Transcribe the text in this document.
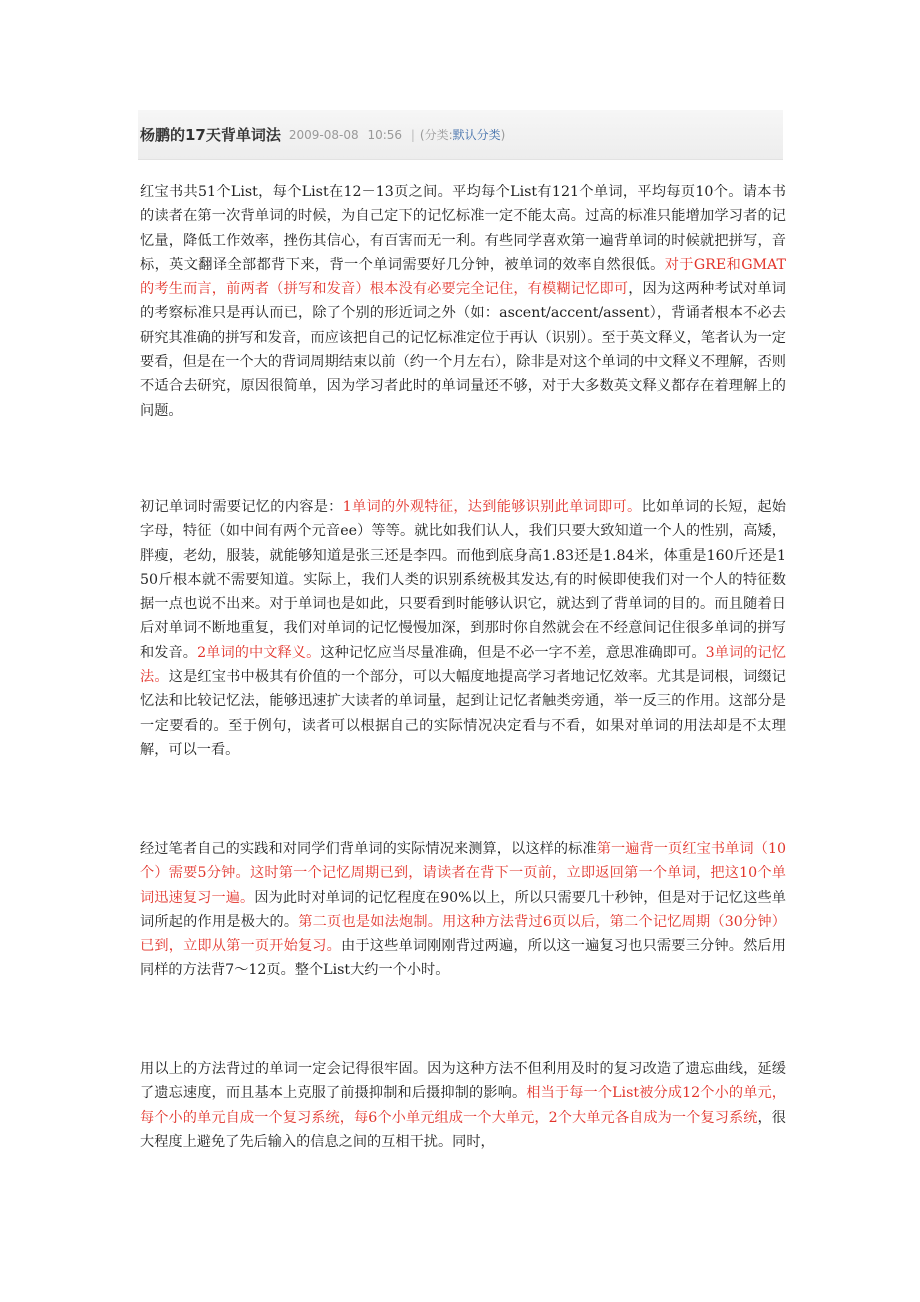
杨鹏的17天背单词法 2009-08-08 10:56 | (分类:默认分类)

红宝书共51个List，每个List在12－13页之间。平均每个List有121个单词，平均每页10个。请本书的读者在第一次背单词的时候，为自己定下的记忆标准一定不能太高。过高的标准只能增加学习者的记忆量，降低工作效率，挫伤其信心，有百害而无一利。有些同学喜欢第一遍背单词的时候就把拼写，音标，英文翻译全部都背下来，背一个单词需要好几分钟，被单词的效率自然很低。对于GRE和GMAT　的考生而言，前两者（拼写和发音）根本没有必要完全记住，有模糊记忆即可，因为这两种考试对单词的考察标准只是再认而已，除了个别的形近词之外（如：ascent/accent/assent），背诵者根本不必去研究其准确的拼写和发音，而应该把自己的记忆标准定位于再认（识别）。至于英文释义，笔者认为一定要看，但是在一个大的背词周期结束以前（约一个月左右），除非是对这个单词的中文释义不理解，否则不适合去研究，原因很简单，因为学习者此时的单词量还不够，对于大多数英文释义都存在着理解上的问题。

初记单词时需要记忆的内容是：1单词的外观特征，达到能够识别此单词即可。比如单词的长短，起始字母，特征（如中间有两个元音ee）等等。就比如我们认人，我们只要大致知道一个人的性别，高矮，胖瘦，老幼，服装，就能够知道是张三还是李四。而他到底身高1.83还是1.84米，体重是160斤还是150斤根本就不需要知道。实际上，我们人类的识别系统极其发达,有的时候即使我们对一个人的特征数据一点也说不出来。对于单词也是如此，只要看到时能够认识它，就达到了背单词的目的。而且随着日后对单词不断地重复，我们对单词的记忆慢慢加深，到那时你自然就会在不经意间记住很多单词的拼写和发音。2单词的中文释义。这种记忆应当尽量准确，但是不必一字不差，意思准确即可。3单词的记忆法。这是红宝书中极其有价值的一个部分，可以大幅度地提高学习者地记忆效率。尤其是词根，词缀记忆法和比较记忆法，能够迅速扩大读者的单词量，起到让记忆者触类旁通，举一反三的作用。这部分是一定要看的。至于例句，读者可以根据自己的实际情况决定看与不看，如果对单词的用法却是不太理解，可以一看。

经过笔者自己的实践和对同学们背单词的实际情况来测算，以这样的标准第一遍背一页红宝书单词（10个）需要5分钟。这时第一个记忆周期已到，请读者在背下一页前，立即返回第一个单词，把这10个单词迅速复习一遍。因为此时对单词的记忆程度在90%以上，所以只需要几十秒钟，但是对于记忆这些单词所起的作用是极大的。第二页也是如法炮制。用这种方法背过6页以后，第二个记忆周期（30分钟）已到，立即从第一页开始复习。由于这些单词刚刚背过两遍，所以这一遍复习也只需要三分钟。然后用同样的方法背7～12页。整个List大约一个小时。

用以上的方法背过的单词一定会记得很牢固。因为这种方法不但利用及时的复习改造了遗忘曲线，延缓了遗忘速度，而且基本上克服了前摄抑制和后摄抑制的影响。相当于每一个List被分成12个小的单元，每个小的单元自成一个复习系统，每6个小单元组成一个大单元，2个大单元各自成为一个复习系统，很大程度上避免了先后输入的信息之间的互相干扰。同时，
